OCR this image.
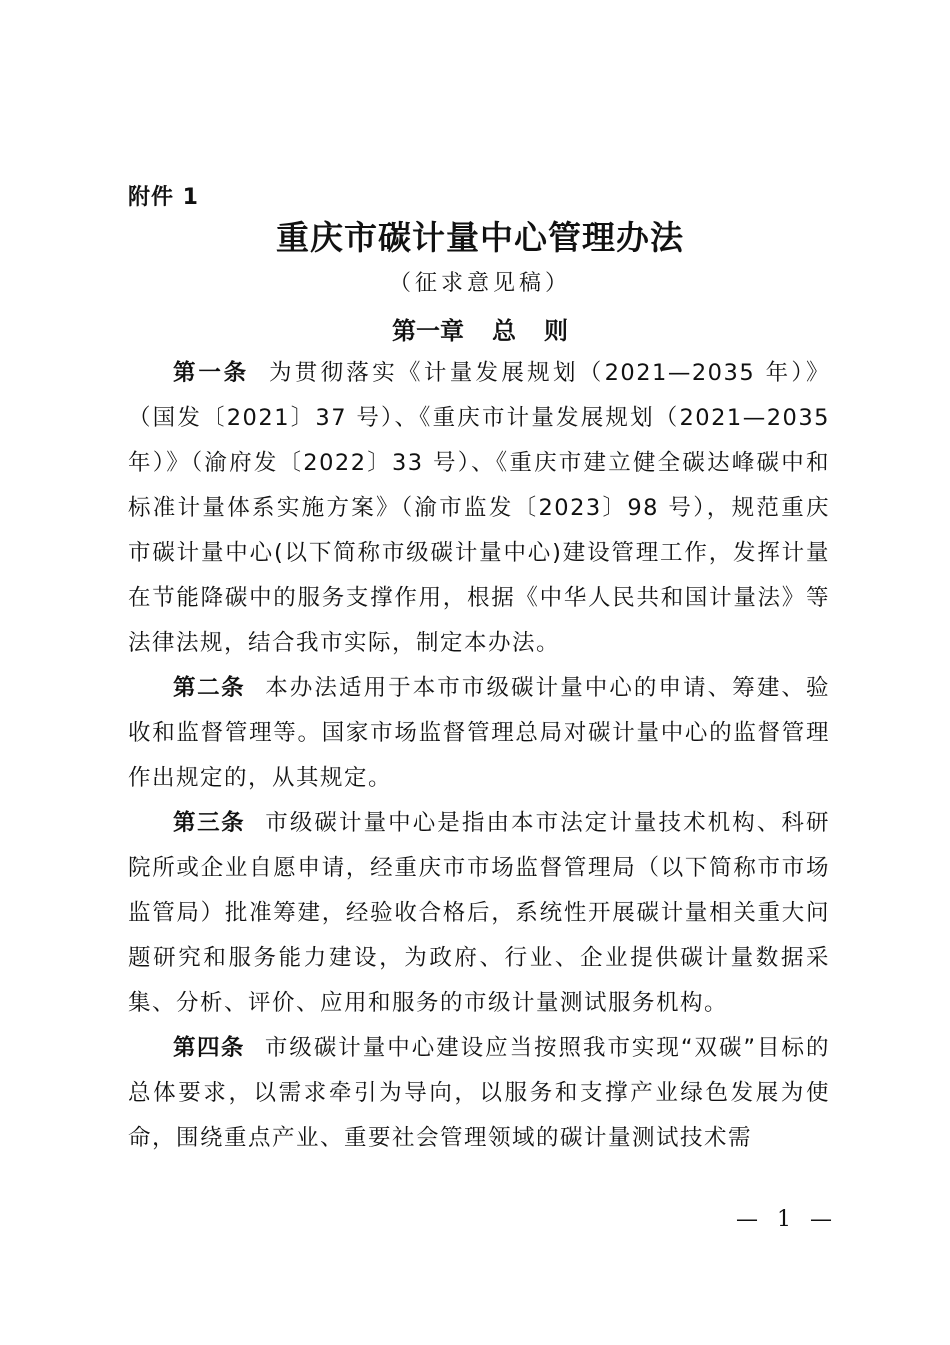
附件 1
重庆市碳计量中心管理办法
（征求意见稿）
第一章 总 则

第一条 为贯彻落实《计量发展规划（2021—2035 年）》（国发〔2021〕37 号）、《重庆市计量发展规划（2021—2035 年）》（渝府发〔2022〕33 号）、《重庆市建立健全碳达峰碳中和标准计量体系实施方案》（渝市监发〔2023〕98 号），规范重庆市碳计量中心(以下简称市级碳计量中心)建设管理工作，发挥计量在节能降碳中的服务支撑作用，根据《中华人民共和国计量法》等法律法规，结合我市实际，制定本办法。

第二条 本办法适用于本市市级碳计量中心的申请、筹建、验收和监督管理等。国家市场监督管理总局对碳计量中心的监督管理作出规定的，从其规定。

第三条 市级碳计量中心是指由本市法定计量技术机构、科研院所或企业自愿申请，经重庆市市场监督管理局（以下简称市市场监管局）批准筹建，经验收合格后，系统性开展碳计量相关重大问题研究和服务能力建设，为政府、行业、企业提供碳计量数据采集、分析、评价、应用和服务的市级计量测试服务机构。

第四条 市级碳计量中心建设应当按照我市实现“双碳”目标的总体要求，以需求牵引为导向，以服务和支撑产业绿色发展为使命，围绕重点产业、重要社会管理领域的碳计量测试技术需

— 1 —
